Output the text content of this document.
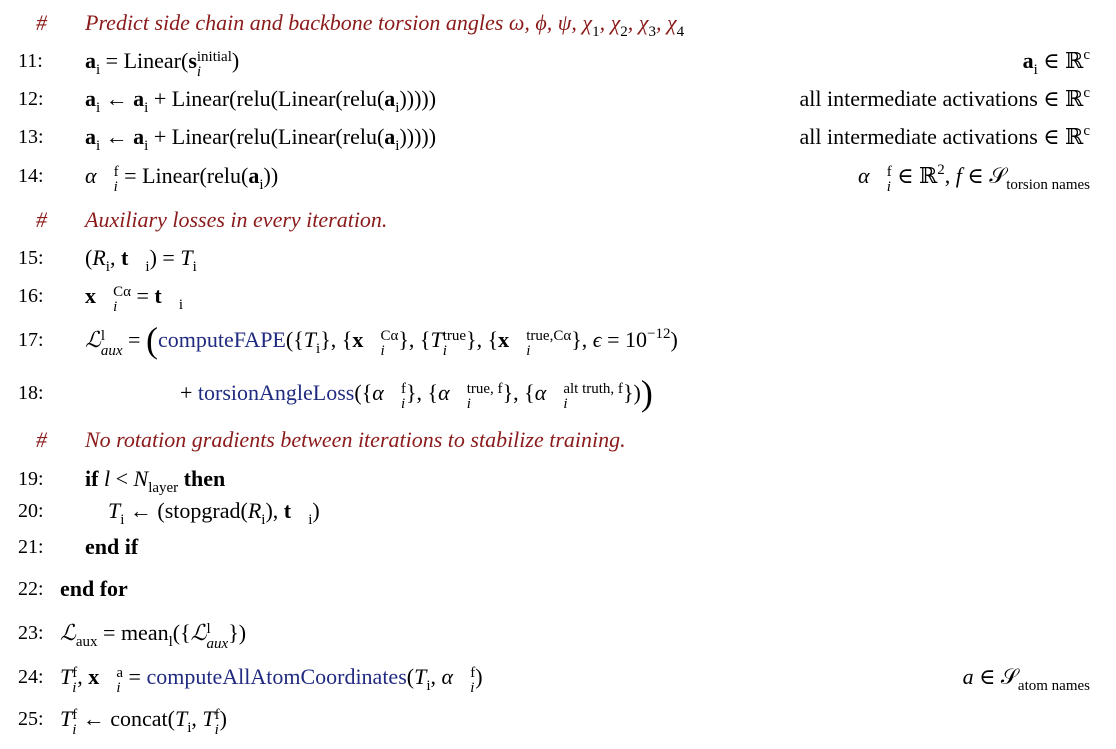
# Predict side chain and backbone torsion angles ω, ϕ, ψ, $\chi_1$, $\chi_2$, $\chi_3$, $\chi_4$
11:	$a_i$ = Linear(s initial
i	)	$a_i$ ∈ ℝ$^c$
12: $a_i$ ← $a_i$ + $Linear(relu(Linear(relu(a_i))))$)	all intermediate activations ∈ ℝ$^c$
13: $a_i$ ← $a_i$ + $Linear(relu(Linear(relu(a_i))))$)	all intermediate activations ∈ ℝ$^c$
14: α⃗ f
$i = Linear(relu(a_i))$	α⃗ f
i ∈ ℝ$^2$, f ∈ 𝒮$_{torsion names}$
# Auxiliary losses in every iteration.
15: ($R_i$, $t⃗_i) = T_i$
16: x⃗ Cα
$i = t⃗_i$
17: ℒ l
aux = ($computeFAPE(\{T_i\}$, {x⃗ Cα
i }, {T true
i }, {x⃗ true,Cα
i	}, $\epsilon = 10^{-12}$)
18:	+ torsionAngleLoss({α⃗ f
i }, {α⃗ true, f
i	}, {α⃗ alt truth, f
i	}))
# No rotation gradients between iterations to stabilize training.
19: if $l < N_{layer}$ then
20:	$T_i$ ← ($stopgrad(R_i)$, $t⃗_i$)
21: end if
22: end for
23: ℒ$_{aux}$ = mean$_l$({ℒ l
aux })
24: T f
i , x⃗ a
$i = computeAllAtomCoordinates(T_i$, α⃗ f
i )	a ∈ 𝒮$_{atom names}$
25: T f
i ← $concat(T_i$, T f
i )
